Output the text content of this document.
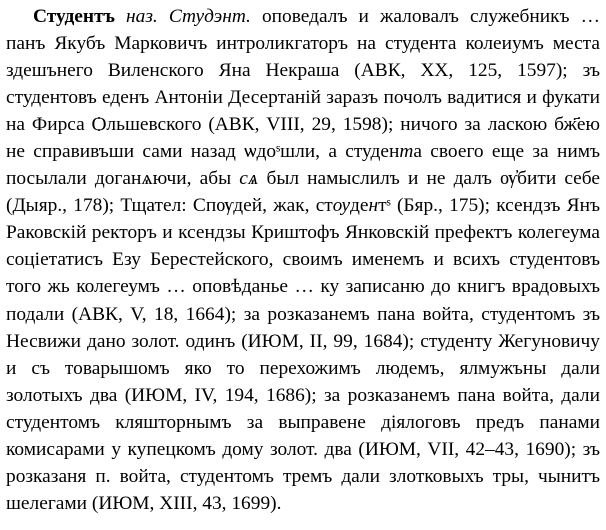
Студентъ наз. Студэнт. оповедалъ и жаловалъ служебникъ … панъ Якубъ Марковичъ интроликгаторъ на студента колеиумъ места здешънего Виленского Яна Некраша (АВК, XX, 125, 1597); зъ студентовъ еденъ Антоніи Десертаній заразъ почолъ вадитися и фукати на Фирса Ѻльшевского (АВК, VIII, 29, 1598); ничого за ласкою бж҃ею не справивъши сами назад ѡдоˢшли, а студента своего еще за нимъ посылали доганѧючи, абы сѧ был намыслилъ и не далъ ѹ҆бити себе (Дыяр., 178); Тщател: Спѹдей, жак, стѹдентˢ (Бяр., 175); ксендзъ Янъ Раковскій ректоръ и ксендзы Криштофъ Янковскій префектъ колегеума соціетатисъ Езу Берестейского, своимъ именемъ и всихъ студентовъ того жь колегеумъ … оповѣданье … ку записаню до книгъ врадовыхъ подали (АВК, V, 18, 1664); за розказанемъ пана войта, студентомъ зъ Несвижи дано золот. одинъ (ИЮМ, II, 99, 1684); студенту Жегуновичу и съ товарышомъ яко то перехожимъ людемъ, ялмужъны дали золотыхъ два (ИЮМ, IV, 194, 1686); за розказанемъ пана войта, дали студентомъ кляшторнымъ за выправене діялоговъ предъ панами комисарами у купецкомъ дому золот. два (ИЮМ, VII, 42–43, 1690); зъ розказаня п. войта, студентомъ тремъ дали злотковыхъ тры, чынитъ шелегами (ИЮМ, XIII, 43, 1699).
